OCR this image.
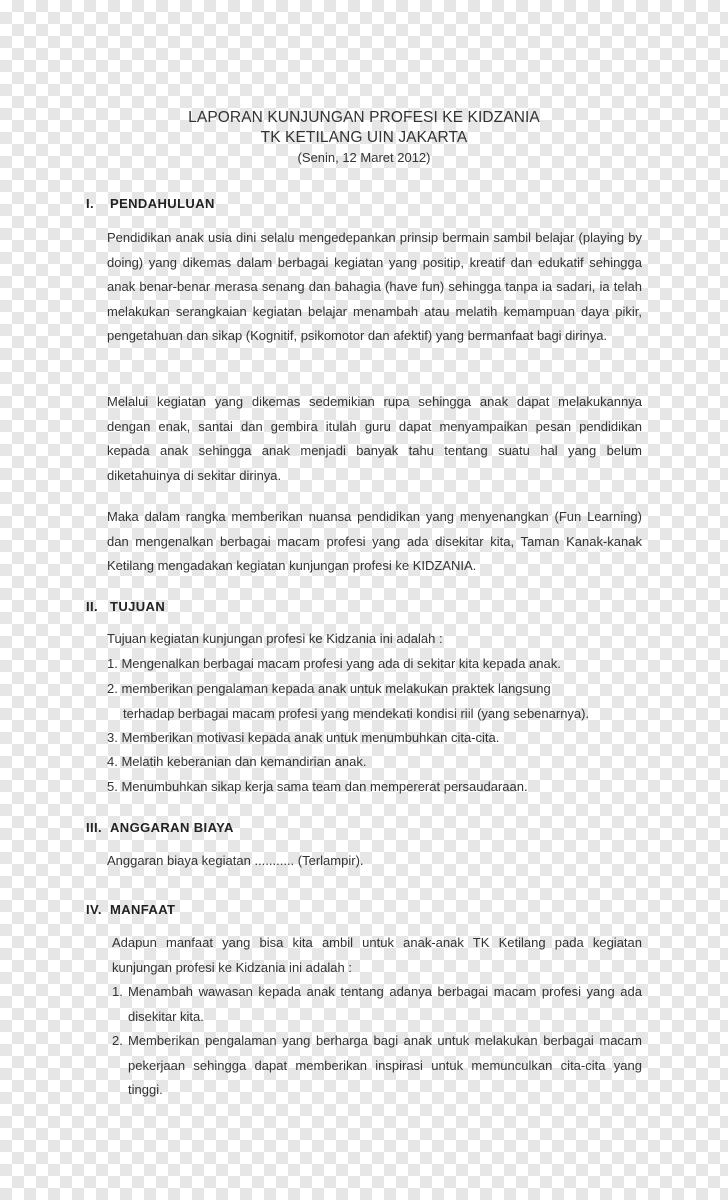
LAPORAN KUNJUNGAN PROFESI KE KIDZANIA
TK KETILANG UIN JAKARTA
(Senin, 12 Maret 2012)
I. PENDAHULUAN
Pendidikan anak usia dini selalu mengedepankan prinsip bermain sambil belajar (playing by doing) yang dikemas dalam berbagai kegiatan yang positip, kreatif dan edukatif sehingga anak benar-benar merasa senang dan bahagia (have fun) sehingga tanpa ia sadari, ia telah melakukan serangkaian kegiatan belajar menambah atau melatih kemampuan daya pikir, pengetahuan dan sikap (Kognitif, psikomotor dan afektif) yang bermanfaat bagi dirinya.
Melalui kegiatan yang dikemas sedemikian rupa sehingga anak dapat melakukannya dengan enak, santai dan gembira itulah guru dapat menyampaikan pesan pendidikan kepada anak sehingga anak menjadi banyak tahu tentang suatu hal yang belum diketahuinya di sekitar dirinya.
Maka dalam rangka memberikan nuansa pendidikan yang menyenangkan (Fun Learning) dan mengenalkan berbagai macam profesi yang ada disekitar kita, Taman Kanak-kanak Ketilang mengadakan kegiatan kunjungan profesi ke KIDZANIA.
II. TUJUAN
Tujuan kegiatan kunjungan profesi ke Kidzania ini adalah :
1. Mengenalkan berbagai macam profesi yang ada di sekitar kita kepada anak.
2. memberikan pengalaman kepada anak untuk melakukan praktek langsung
terhadap berbagai macam profesi yang mendekati kondisi riil (yang sebenarnya).
3. Memberikan motivasi kepada anak untuk menumbuhkan cita-cita.
4. Melatih keberanian dan kemandirian anak.
5. Menumbuhkan sikap kerja sama team dan mempererat persaudaraan.
III. ANGGARAN BIAYA
Anggaran biaya kegiatan ........... (Terlampir).
IV. MANFAAT
Adapun manfaat yang bisa kita ambil untuk anak-anak TK Ketilang pada kegiatan kunjungan profesi ke Kidzania ini adalah :
1. Menambah wawasan kepada anak tentang adanya berbagai macam profesi yang ada disekitar kita.
2. Memberikan pengalaman yang berharga bagi anak untuk melakukan berbagai macam pekerjaan sehingga dapat memberikan inspirasi untuk memunculkan cita-cita yang tinggi.
